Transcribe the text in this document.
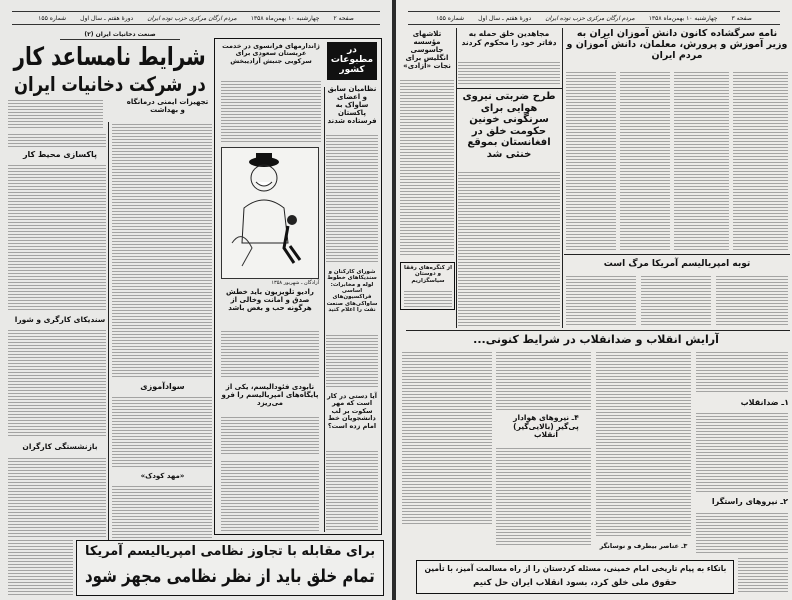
صفحه ۲
چهارشنبه ۱۰ بهمن‌ماه ۱۳۵۸
مردم ارگان مرکزی حزب توده ایران
دورهٔ هفتم ـ سال اول
شماره ۱۵۵
صنعت دخانیات ایران (۲)
شرایط نامساعد کار
در شرکت دخانیات ایران
تجهیزات ایمنی درمانگاه و بهداشت
پاکسازی محیط کار
سندیکای کارگری و شورا
بازنشستگی کارگران
سوادآموزی
«مهد کودک»
در مطبوعات کشور
ژاندارمهای فرانسوی در خدمت عربستان سعودی برای سرکوبی جنبش آزادیبخش
نظامیان سابق و اعضای ساواک به پاکستان فرستاده شدند
آزادگان ـ شهریور ۱۳۵۸
رادیو تلویزیون باید خطش صدق و امانت وخالی از هرگونه حب و بغض باشد
نابودی فئودالیسم، یکی از پایگاه‌های امپریالیسم را فرو می‌ریزد
شورای کارکنان و سندیکاهای خطوط لوله و مخابرات: اساسی فراکسیون‌های ساواکی‌های صنعت نفت را اعلام کنید
آیا دستی در کار است که مهر سکوت بر لب دانشجویان خط امام زده است؟
برای مقابله با تجاوز نظامی امپریالیسم آمریکا
تمام خلق باید از نظر نظامی مجهز شود
صفحه ۳
چهارشنبه ۱۰ بهمن‌ماه ۱۳۵۸
مردم ارگان مرکزی حزب توده ایران
دورهٔ هفتم ـ سال اول
شماره ۱۵۵
تلاشهای مؤسسه جاسوسی انگلیس برای نجات «آزادی»
از کنگره‌های رفقا و دوستان سیاسگزاریم
مجاهدین خلق حمله به دفاتر خود را محکوم کردند
طرح ضربتی نیروی هوایی برای سرنگونی خونین حکومت خلق در افغانستان بموقع خنثی شد
نامه سرگشاده کانون دانش آموزان ایران به وزیر آموزش و پرورش، معلمان، دانش آموزان و مردم ایران
توبه امپریالیسم آمریکا مرگ است
آرایش انقلاب و ضدانقلاب در شرایط کنونی...
۴ـ نیروهای هوادار پی‌گیر (بالایی‌گیر) انقلاب
۱ـ ضدانقلاب
۲ـ نیروهای راستگرا
۳ـ عناصر بیطرف و نوسانگر
باتکاء به پیام تاریخی امام خمینی، مسئله کردستان را از راه مسالمت آمیز، با تأمین
حقوق ملی خلق کرد، بسود انقلاب ایران حل کنیم
